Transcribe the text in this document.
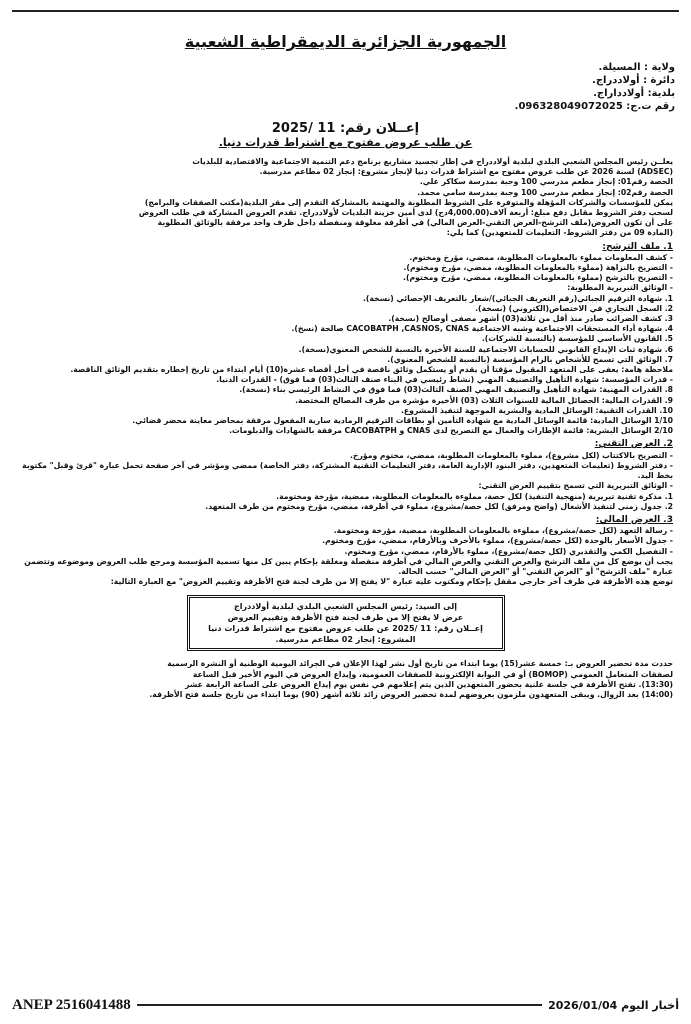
الجمهورية الجزائرية الديمقراطية الشعبية
ولاية : المسيلة.
دائرة : أولاددراج.
بلدية: أولادداراج.
رقم ت.ج: 096328049072025.
إعــلان رقم: 11 /2025
عن طلب عروض مفتوح مع اشتراط قدرات دنيا.

يعلــن رئيس المجلس الشعبي البلدي لبلدية أولاددراج في إطار تجسيد مشاريع برنامج دعم التنمية الاجتماعية والاقتصادية للبلديات

(ADSEC) لسنة 2026 عن طلب عروض مفتوح مع اشتراط قدرات دنيا لإنجاز مشروع: إنجاز 02 مطاعم مدرسية.

الحصة رقم01: إنجاز مطعم مدرسي 100 وجبة بمدرسة سكاكر علي.

الحصة رقم02: إنجاز مطعم مدرسي 100 وجبة بمدرسة سامي محمد.

يمكن للمؤسسات والشركات المؤهلة والمتوفرة على الشروط المطلوبة والمهتمة بالمشاركة التقدم إلى مقر البلدية(مكتب الصفقات والبرامج)

لسحب دفتر الشروط مقابل دفع مبلغ: أربعة آلاف(4,000.00دج) لدى أمين خزينة البلديات لأولاددراج. تقدم العروض المشاركة في طلب العروض

على أن تكون العروض(ملف الترشح-العرض التقني-العرض المالي) في أظرفة مغلوقة ومنفصلة داخل ظرف واحد مرفقة بالوثائق المطلوبة

(المادة 09 من دفتر الشروط- التعليمات للمتعهدين) كما يلي:

1. ملف الترشح:

- كشف المعلومات مملوء بالمعلومات المطلوبة، ممضي، مؤرخ ومختوم.

- التصريح بالنزاهة (مملوء بالمعلومات المطلوبة، ممضي، مؤرخ ومختوم).

- التصريح بالترشح (مملوء بالمعلومات المطلوبة، ممضي، مؤرخ ومختوم).

- الوثائق التبريرية المطلوبة:

1. شهادة الترقيم الجبائي(رقم التعريف الجبائي)/شعار بالتعريف الإحصائي (نسخة).

2. السجل التجاري في الاختصاص(الكتروني) (نسخة).

3. كشف الضرائب صادر منذ أقل من ثلاثة(03) أشهر مصفى أوصالح (نسخة).

4. شهادة أداء المستحقات الاجتماعية وشبه الاجتماعية CACOBATPH ,CASNOS, CNAS صالحة (نسخ).

5. القانون الأساسي للمؤسسة (بالنسبة للشركات).

6. شهادة ثبات الإيداع القانوني للحسابات الاجتماعية للسنة الأخيرة بالنسبة للشخص المعنوي(نسخة).

7. الوثائق التي تسمح للأشخاص بالزام المؤسسة (بالنسبة للشخص المعنوي).

ملاحظة هامة: يعفى على المتعهد المقبول مؤقتا أن يقدم أو يستكمل وثائق ناقصة في أجل أقصاه عشرة(10) أيام ابتداء من تاريخ إخطاره بتقديم الوثائق الناقصة.

- قدرات المؤسسة: شهادة التأهيل والتصنيف المهني (نشاط رئيسي في البناء صنف الثالث(03) فما فوق) - القدرات الدنيا.

8. القدرات المهنية: شهادة التأهيل والتصنيف المهني الصنف الثالث(03) فما فوق في النشاط الرئيسي بناء (نسخة).

9. القدرات المالية: الحصائل المالية للسنوات الثلاث (03) الأخيرة مؤشرة من طرف المصالح المختصة.

10. القدرات التقنية: الوسائل المادية والبشرية الموجهة لتنفيذ المشروع.

1/10 الوسائل المادية: قائمة الوسائل المادية مع شهادة التأمين أو بطاقات الترقيم الرمادية سارية المفعول مرفقة بمحاضر معاينة محضر قضائي.

2/10 الوسائل البشرية: قائمة الإطارات والعمال مع التصريح لدى CNAS و CACOBATPH مرفقة بالشهادات والدبلومات.

2. العرض التقني:

- التصريح بالاكتتاب (لكل مشروع)، مملوء بالمعلومات المطلوبة، ممضي، مختوم ومؤرخ.

- دفتر الشروط (تعليمات المتعهدين، دفتر البنود الإدارية العامة، دفتر التعليمات التقنية المشتركة، دفتر الخاصة) ممضي ومؤشر في آخر صفحة تحمل عبارة "قرئ وقبل" مكتوبة بخط اليد.

- الوثائق التبريرية التي تسمح بتقييم العرض التقني:

1. مذكرة تقنية تبريرية (منهجية التنفيذ) لكل حصة، مملوءة بالمعلومات المطلوبة، ممضية، مؤرخة ومختومة.

2. جدول زمني لتنفيذ الأشغال (واضح ومرفق) لكل حصة/مشروع، مملوء في أظرفة، ممضي، مؤرخ ومختوم من طرف المتعهد.

3. العرض المالي:

- رسالة التعهد (لكل حصة/مشروع)، مملوءة بالمعلومات المطلوبة، ممضية، مؤرخة ومختومة.

- جدول الأسعار بالوحدة (لكل حصة/مشروع)، مملوء بالأحرف وبالأرقام، ممضي، مؤرخ ومختوم.

- التفصيل الكمي والتقديري (لكل حصة/مشروع)، مملوء بالأرقام، ممضي، مؤرخ ومختوم.

يجب أن يوضع كل من ملف الترشح والعرض التقني والعرض المالي في أظرفة منفصلة ومغلقة بإحكام يبين كل منها تسمية المؤسسة ومرجع طلب العروض وموضوعه وتتضمن عبارة "ملف الترشح" أو "العرض التقني" أو "العرض المالي" حسب الحالة.

توضع هذه الأظرفة في ظرف آخر خارجي مقفل بإحكام ومكتوب عليه عبارة "لا يفتح إلا من طرف لجنة فتح الأظرفة وتقييم العروض" مع العبارة التالية:

إلى السيد: رئيس المجلس الشعبي البلدي لبلدية أولاددراج
عرض لا يفتح إلا من طرف لجنة فتح الأظرفة وتقييم العروض
إعــلان رقم: 11 /2025 عن طلب عروض مفتوح مع اشتراط قدرات دنيا
المشروع: إنجاز 02 مطاعم مدرسية.

حددت مدة تحضير العروض بـ: خمسة عشر(15) يوما ابتداء من تاريخ أول نشر لهذا الإعلان في الجرائد اليومية الوطنية أو النشرة الرسمية

لصفقات المتعامل العمومي (BOMOP) أو في البوابة الإلكترونية للصفقات العمومية، وإيداع العروض في اليوم الأخير قبل الساعة

(13:30). تفتح الأظرفة في جلسة علنية بحضور المتعهدين الذين يتم إعلامهم في نفس يوم إيداع العروض على الساعة الرابعة عشر

(14:00) بعد الزوال. ويبقى المتعهدون ملزمون بعروضهم لمدة تحضير العروض زائد ثلاثة أشهر (90) يوما ابتداء من تاريخ جلسة فتح الأظرفة.

ANEP 2516041488	أخبار اليوم 2026/01/04
